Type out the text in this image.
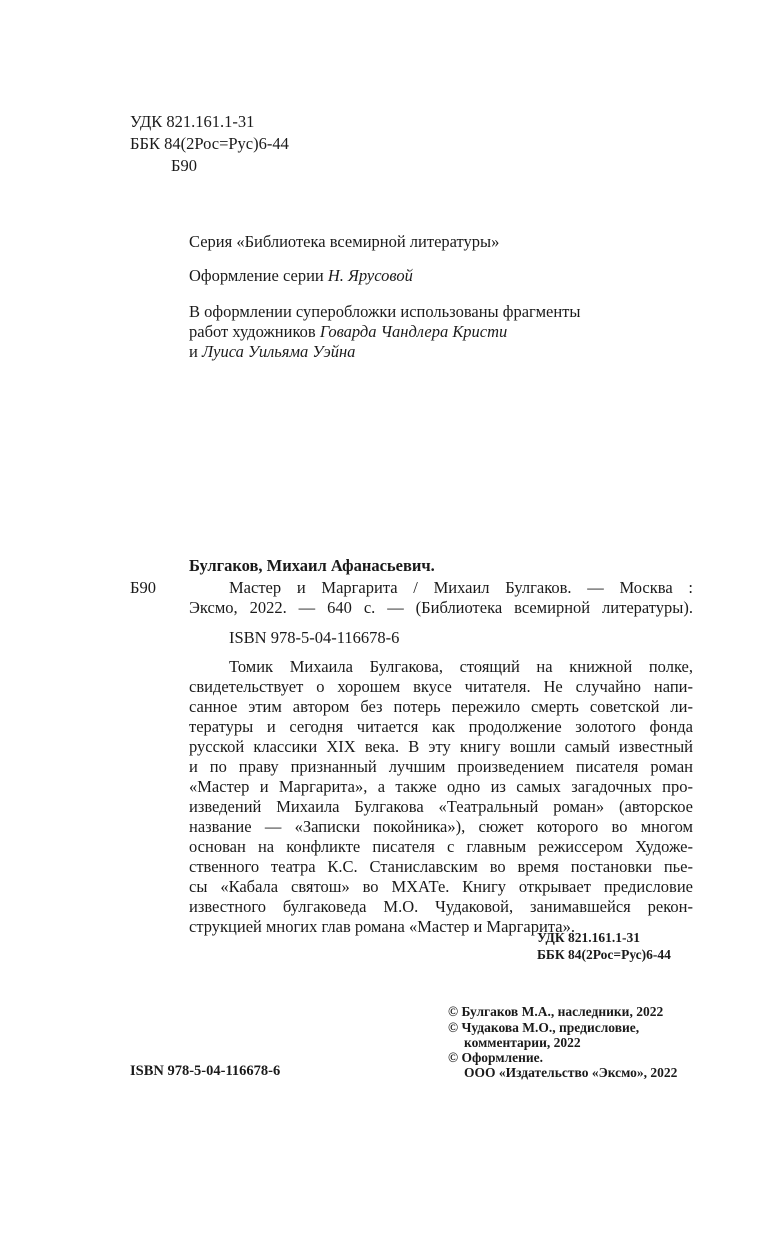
УДК 821.161.1-31
ББК 84(2Рос=Рус)6-44
Б90
Серия «Библиотека всемирной литературы»
Оформление серии Н. Ярусовой
В оформлении суперобложки использованы фрагменты
работ художников Говарда Чандлера Кристи
и Луиса Уильяма Уэйна
Булгаков, Михаил Афанасьевич.
Б90	Мастер и Маргарита / Михаил Булгаков. — Москва :
Эксмо, 2022. — 640 с. — (Библиотека всемирной литературы).
ISBN 978-5-04-116678-6
Томик Михаила Булгакова, стоящий на книжной полке,
свидетельствует о хорошем вкусе читателя. Не случайно напи-
санное этим автором без потерь пережило смерть советской ли-
тературы и сегодня читается как продолжение золотого фонда
русской классики XIX века. В эту книгу вошли самый известный
и по праву признанный лучшим произведением писателя роман
«Мастер и Маргарита», а также одно из самых загадочных про-
изведений Михаила Булгакова «Театральный роман» (авторское
название — «Записки покойника»), сюжет которого во многом
основан на конфликте писателя с главным режиссером Художе-
ственного театра К.С. Станиславским во время постановки пье-
сы «Кабала святош» во МХАТе. Книгу открывает предисловие
известного булгаковеда М.О. Чудаковой, занимавшейся рекон-
струкцией многих глав романа «Мастер и Маргарита».
УДК 821.161.1-31
ББК 84(2Рос=Рус)6-44
© Булгаков М.А., наследники, 2022
© Чудакова М.О., предисловие,
комментарии, 2022
© Оформление.
ООО «Издательство «Эксмо», 2022
ISBN 978-5-04-116678-6
